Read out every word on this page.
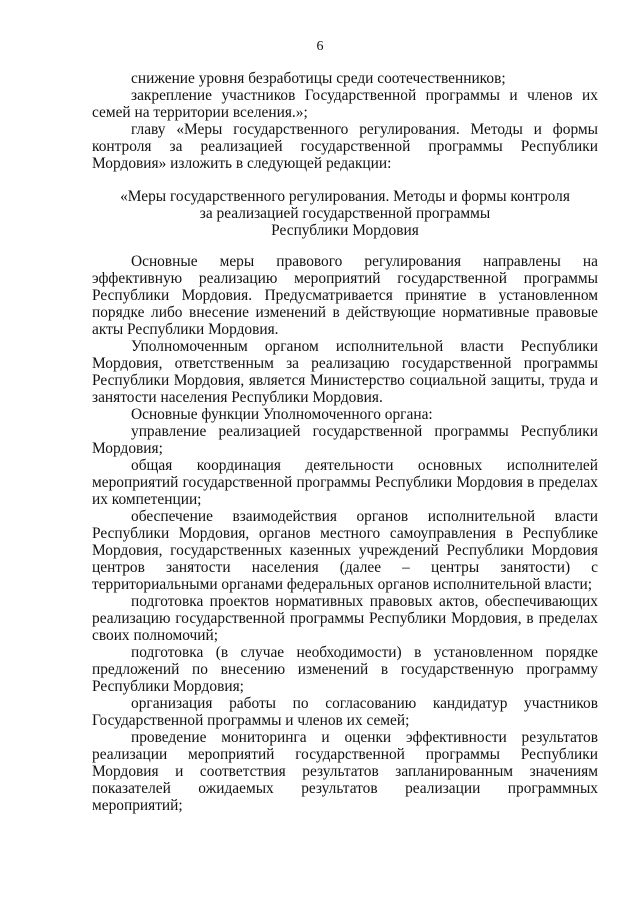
6

снижение уровня безработицы среди соотечественников;

закрепление участников Государственной программы и членов их семей на территории вселения.»;

главу «Меры государственного регулирования. Методы и формы контроля за реализацией государственной программы Республики Мордовия» изложить в следующей редакции:

«Меры государственного регулирования. Методы и формы контроля

за реализацией государственной программы

Республики Мордовия

Основные меры правового регулирования направлены на эффективную реализацию мероприятий государственной программы Республики Мордовия. Предусматривается принятие в установленном порядке либо внесение изменений в действующие нормативные правовые акты Республики Мордовия.

Уполномоченным органом исполнительной власти Республики Мордовия, ответственным за реализацию государственной программы Республики Мордовия, является Министерство социальной защиты, труда и занятости населения Республики Мордовия.

Основные функции Уполномоченного органа:

управление реализацией государственной программы Республики Мордовия;

общая координация деятельности основных исполнителей мероприятий государственной программы Республики Мордовия в пределах их компетенции;

обеспечение взаимодействия органов исполнительной власти Республики Мордовия, органов местного самоуправления в Республике Мордовия, государственных казенных учреждений Республики Мордовия центров занятости населения (далее – центры занятости) с территориальными органами федеральных органов исполнительной власти;

подготовка проектов нормативных правовых актов, обеспечивающих реализацию государственной программы Республики Мордовия, в пределах своих полномочий;

подготовка (в случае необходимости) в установленном порядке предложений по внесению изменений в государственную программу Республики Мордовия;

организация работы по согласованию кандидатур участников Государственной программы и членов их семей;

проведение мониторинга и оценки эффективности результатов реализации мероприятий государственной программы Республики Мордовия и соответствия результатов запланированным значениям показателей ожидаемых результатов реализации программных мероприятий;
